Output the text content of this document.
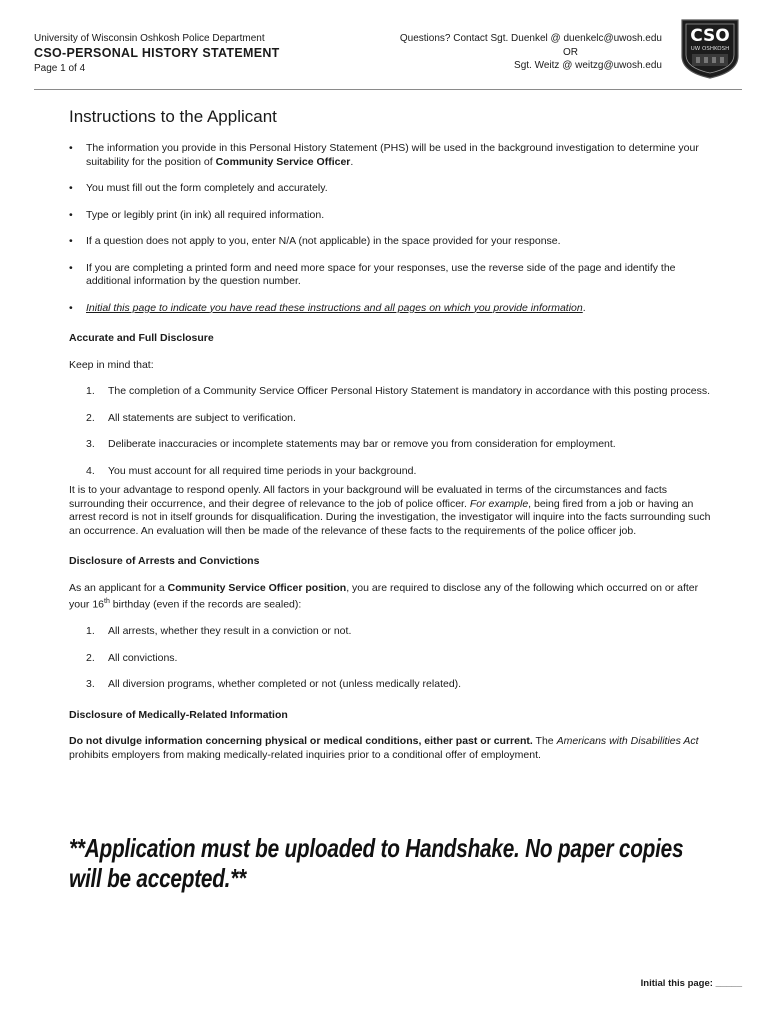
University of Wisconsin Oshkosh Police Department
CSO-PERSONAL HISTORY STATEMENT
Page 1 of 4
Questions? Contact Sgt. Duenkel @ duenkelc@uwosh.edu
OR
Sgt. Weitz @ weitzg@uwosh.edu
CSO
UW OSHKOSH
Instructions to the Applicant
• The information you provide in this Personal History Statement (PHS) will be used in the background investigation to determine your suitability for the position of Community Service Officer.
• You must fill out the form completely and accurately.
• Type or legibly print (in ink) all required information.
• If a question does not apply to you, enter N/A (not applicable) in the space provided for your response.
• If you are completing a printed form and need more space for your responses, use the reverse side of the page and identify the additional information by the question number.
• Initial this page to indicate you have read these instructions and all pages on which you provide information.
Accurate and Full Disclosure

Keep in mind that:

1. The completion of a Community Service Officer Personal History Statement is mandatory in accordance with this posting process.
2. All statements are subject to verification.
3. Deliberate inaccuracies or incomplete statements may bar or remove you from consideration for employment.
4. You must account for all required time periods in your background.

It is to your advantage to respond openly. All factors in your background will be evaluated in terms of the circumstances and facts surrounding their occurrence, and their degree of relevance to the job of police officer. For example, being fired from a job or having an arrest record is not in itself grounds for disqualification. During the investigation, the investigator will inquire into the facts surrounding such an occurrence. An evaluation will then be made of the relevance of these facts to the requirements of the police officer job.

Disclosure of Arrests and Convictions

As an applicant for a Community Service Officer position, you are required to disclose any of the following which occurred on or after your 16th birthday (even if the records are sealed):

1. All arrests, whether they result in a conviction or not.
2. All convictions.
3. All diversion programs, whether completed or not (unless medically related).
Disclosure of Medically-Related Information

Do not divulge information concerning physical or medical conditions, either past or current. The Americans with Disabilities Act prohibits employers from making medically-related inquiries prior to a conditional offer of employment.

**Application must be uploaded to Handshake. No paper copies
will be accepted.**
Initial this page: _____
